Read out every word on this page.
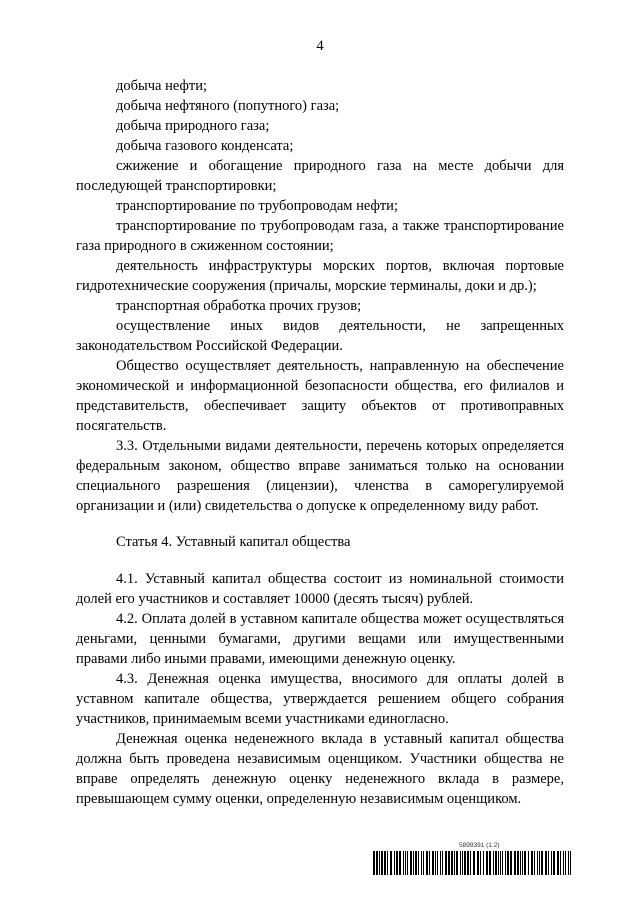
4

добыча нефти;

добыча нефтяного (попутного) газа;

добыча природного газа;

добыча газового конденсата;

сжижение и обогащение природного газа на месте добычи для последующей транспортировки;

транспортирование по трубопроводам нефти;

транспортирование по трубопроводам газа, а также транспортирование газа природного в сжиженном состоянии;

деятельность инфраструктуры морских портов, включая портовые гидротехнические сооружения (причалы, морские терминалы, доки и др.);

транспортная обработка прочих грузов;

осуществление иных видов деятельности, не запрещенных законодательством Российской Федерации.

Общество осуществляет деятельность, направленную на обеспечение экономической и информационной безопасности общества, его филиалов и представительств, обеспечивает защиту объектов от противоправных посягательств.

3.3. Отдельными видами деятельности, перечень которых определяется федеральным законом, общество вправе заниматься только на основании специального разрешения (лицензии), членства в саморегулируемой организации и (или) свидетельства о допуске к определенному виду работ.

Статья 4. Уставный капитал общества

4.1. Уставный капитал общества состоит из номинальной стоимости долей его участников и составляет 10000 (десять тысяч) рублей.

4.2. Оплата долей в уставном капитале общества может осуществляться деньгами, ценными бумагами, другими вещами или имущественными правами либо иными правами, имеющими денежную оценку.

4.3. Денежная оценка имущества, вносимого для оплаты долей в уставном капитале общества, утверждается решением общего собрания участников, принимаемым всеми участниками единогласно.

Денежная оценка неденежного вклада в уставный капитал общества должна быть проведена независимым оценщиком. Участники общества не вправе определять денежную оценку неденежного вклада в размере, превышающем сумму оценки, определенную независимым оценщиком.

5899391 (1.2)
